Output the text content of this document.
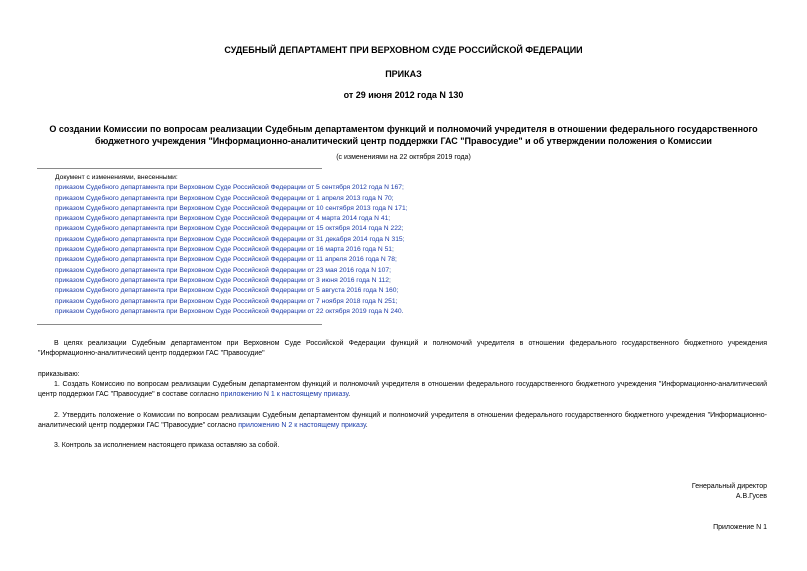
СУДЕБНЫЙ ДЕПАРТАМЕНТ ПРИ ВЕРХОВНОМ СУДЕ РОССИЙСКОЙ ФЕДЕРАЦИИ
ПРИКАЗ
от 29 июня 2012 года N 130
О создании Комиссии по вопросам реализации Судебным департаментом функций и полномочий учредителя в отношении федерального государственного
бюджетного учреждения "Информационно-аналитический центр поддержки ГАС "Правосудие" и об утверждении положения о Комиссии
(с изменениями на 22 октября 2019 года)
Документ с изменениями, внесенными:
приказом Судебного департамента при Верховном Суде Российской Федерации от 5 сентября 2012 года N 167;
приказом Судебного департамента при Верховном Суде Российской Федерации от 1 апреля 2013 года N 70;
приказом Судебного департамента при Верховном Суде Российской Федерации от 10 сентября 2013 года N 171;
приказом Судебного департамента при Верховном Суде Российской Федерации от 4 марта 2014 года N 41;
приказом Судебного департамента при Верховном Суде Российской Федерации от 15 октября 2014 года N 222;
приказом Судебного департамента при Верховном Суде Российской Федерации от 31 декабря 2014 года N 315;
приказом Судебного департамента при Верховном Суде Российской Федерации от 16 марта 2016 года N 51;
приказом Судебного департамента при Верховном Суде Российской Федерации от 11 апреля 2016 года N 78;
приказом Судебного департамента при Верховном Суде Российской Федерации от 23 мая 2016 года N 107;
приказом Судебного департамента при Верховном Суде Российской Федерации от 3 июня 2016 года N 112;
приказом Судебного департамента при Верховном Суде Российской Федерации от 5 августа 2016 года N 160;
приказом Судебного департамента при Верховном Суде Российской Федерации от 7 ноября 2018 года N 251;
приказом Судебного департамента при Верховном Суде Российской Федерации от 22 октября 2019 года N 240.
В целях реализации Судебным департаментом при Верховном Суде Российской Федерации функций и полномочий учредителя в отношении федерального государственного бюджетного учреждения "Информационно-аналитический центр поддержки ГАС "Правосудие"
приказываю:
1. Создать Комиссию по вопросам реализации Судебным департаментом функций и полномочий учредителя в отношении федерального государственного бюджетного учреждения "Информационно-аналитический центр поддержки ГАС "Правосудие" в составе согласно приложению N 1 к настоящему приказу.
2. Утвердить положение о Комиссии по вопросам реализации Судебным департаментом функций и полномочий учредителя в отношении федерального государственного бюджетного учреждения "Информационно-аналитический центр поддержки ГАС "Правосудие" согласно приложению N 2 к настоящему приказу.
3. Контроль за исполнением настоящего приказа оставляю за собой.
Генеральный директор
А.В.Гусев
Приложение N 1
